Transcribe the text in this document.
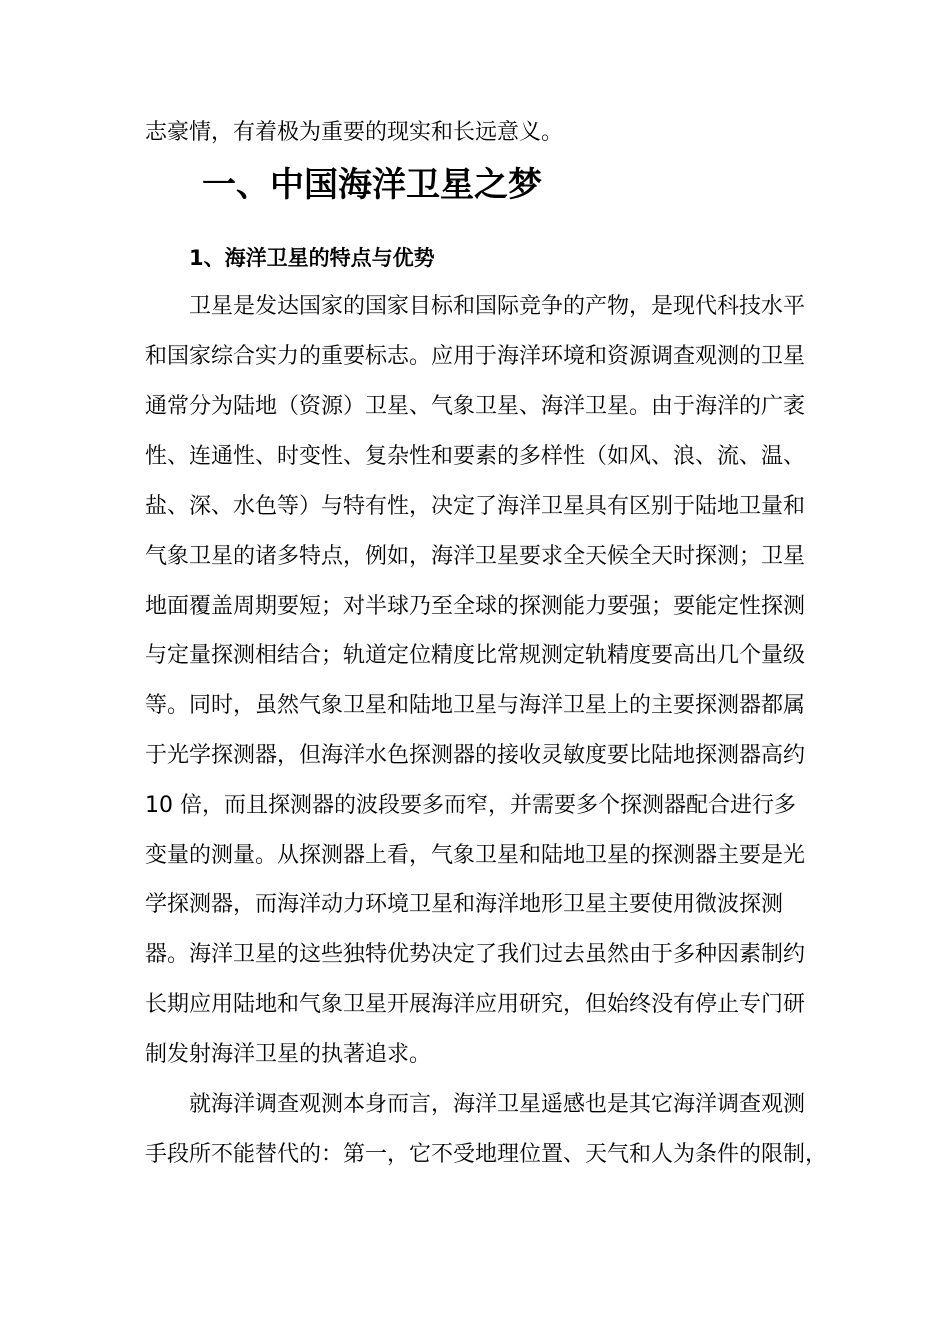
志豪情，有着极为重要的现实和长远意义。
一、中国海洋卫星之梦
1、海洋卫星的特点与优势
卫星是发达国家的国家目标和国际竞争的产物，是现代科技水平
和国家综合实力的重要标志。应用于海洋环境和资源调查观测的卫星
通常分为陆地（资源）卫星、气象卫星、海洋卫星。由于海洋的广袤
性、连通性、时变性、复杂性和要素的多样性（如风、浪、流、温、
盐、深、水色等）与特有性，决定了海洋卫星具有区别于陆地卫量和
气象卫星的诸多特点，例如，海洋卫星要求全天候全天时探测；卫星
地面覆盖周期要短；对半球乃至全球的探测能力要强；要能定性探测
与定量探测相结合；轨道定位精度比常规测定轨精度要高出几个量级
等。同时，虽然气象卫星和陆地卫星与海洋卫星上的主要探测器都属
于光学探测器，但海洋水色探测器的接收灵敏度要比陆地探测器高约
10 倍，而且探测器的波段要多而窄，并需要多个探测器配合进行多
变量的测量。从探测器上看，气象卫星和陆地卫星的探测器主要是光
学探测器，而海洋动力环境卫星和海洋地形卫星主要使用微波探测
器。海洋卫星的这些独特优势决定了我们过去虽然由于多种因素制约
长期应用陆地和气象卫星开展海洋应用研究，但始终没有停止专门研
制发射海洋卫星的执著追求。
就海洋调查观测本身而言，海洋卫星遥感也是其它海洋调查观测
手段所不能替代的：第一，它不受地理位置、天气和人为条件的限制，
